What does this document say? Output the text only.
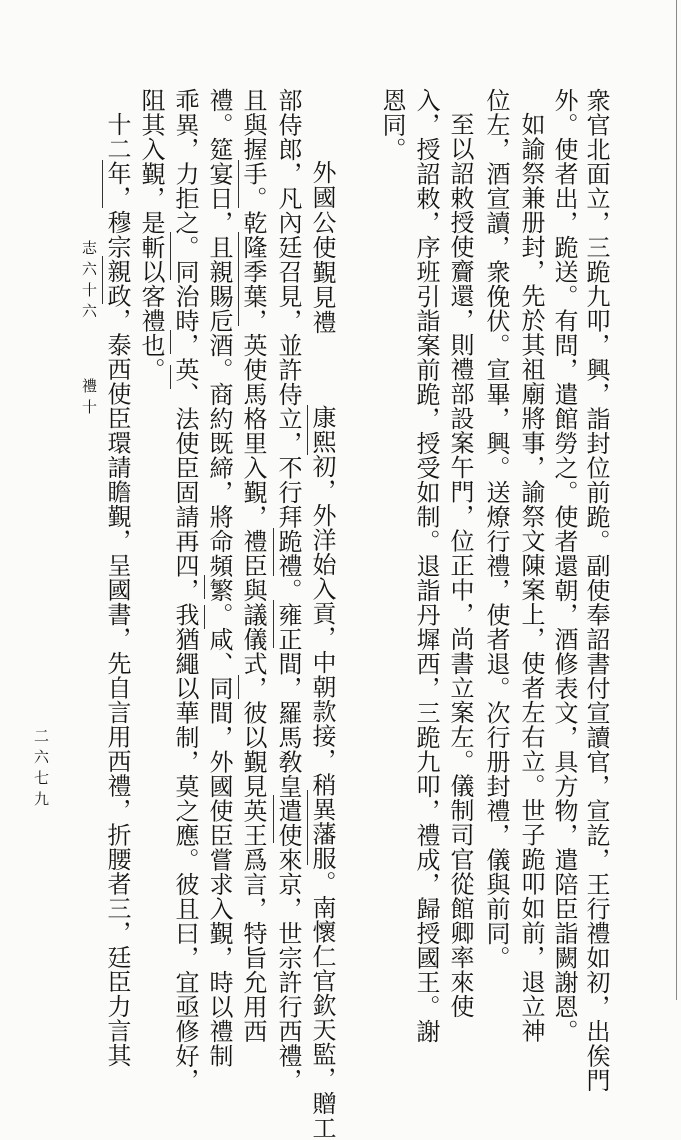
二六七九
志六十六
禮十	衆官北面立，三跪九叩，興，詣封位前跪。副使奉詔書付宣讀官，宣訖，王行禮如初，出俟門
外。使者出，跪送。有問，遣館勞之。使者還朝，酒修表文，具方物，遣陪臣詣闕謝恩。
如諭祭兼册封，先於其祖廟將事，諭祭文陳案上，使者左右立。世子跪叩如前，退立神
位左，酒宣讀，衆俛伏。宣畢，興。送燎行禮，使者退。次行册封禮，儀與前同。
至以詔敕授使齎還，則禮部設案午門，位正中，尚書立案左。儀制司官從館卿率來使
入，授詔敕，序班引詣案前跪，授受如制。退詣丹墀西，三跪九叩，禮成，歸授國王。謝
恩同。
外國公使覲見禮
康熙初，外洋始入貢，中朝款接，稍異藩服。南懷仁官欽天監，贈工
部侍郎，凡內廷召見，並許侍立，不行拜跪禮。雍正間，羅馬敎皇遣使來京，世宗許行西禮，
且與握手。乾隆季葉，英使馬格里入覲，禮臣與議儀式，彼以覲見英王爲言，特旨允用西
禮。筵宴日，且親賜卮酒。商約既締，將命頻繁。咸、同間，外國使臣嘗求入覲，時以禮制
乖異，力拒之。同治時，英、法使臣固請再四，我猶繩以華制，莫之應。彼且曰，宜亟修好，
阻其入覲，是斬以客禮也。
十二年，穆宗親政，泰西使臣環請瞻覲，呈國書，先自言用西禮，折腰者三，廷臣力言其
